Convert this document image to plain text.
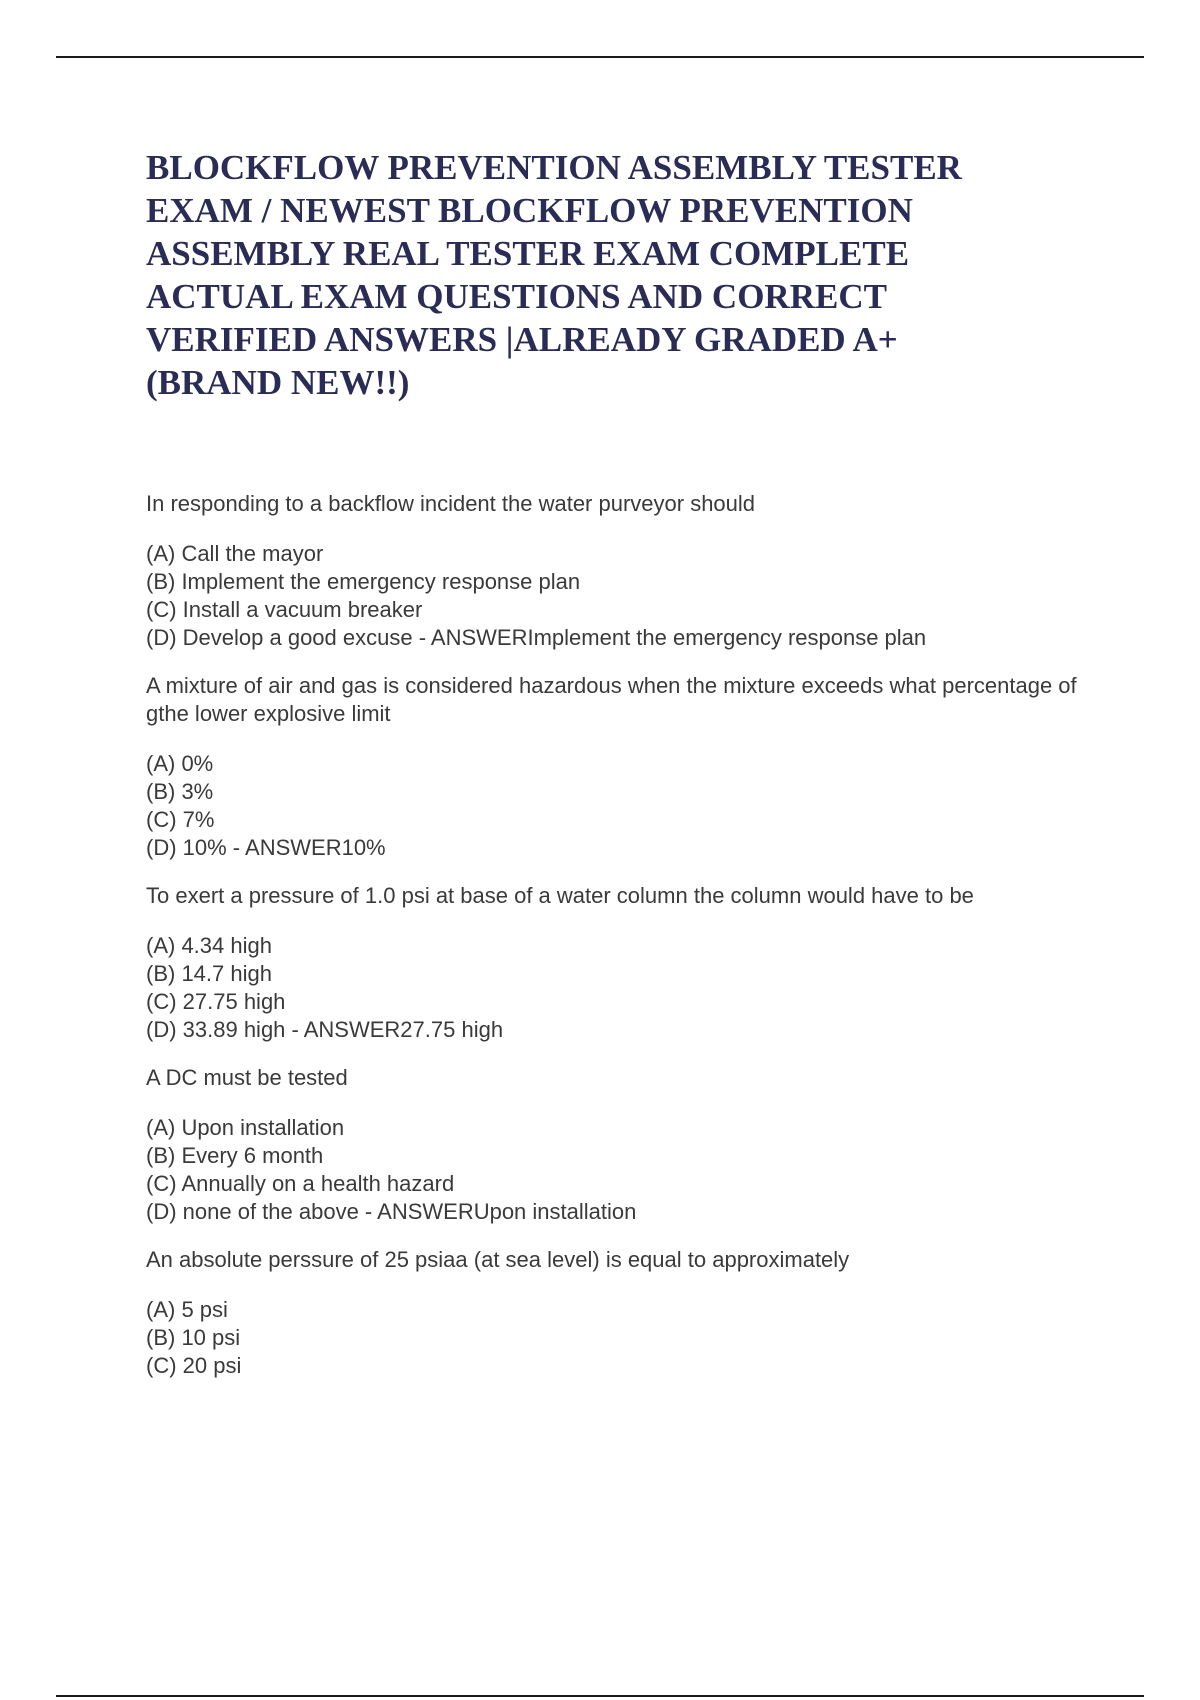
BLOCKFLOW PREVENTION ASSEMBLY TESTER EXAM / NEWEST BLOCKFLOW PREVENTION ASSEMBLY REAL TESTER EXAM COMPLETE ACTUAL EXAM QUESTIONS AND CORRECT VERIFIED ANSWERS |ALREADY GRADED A+ (BRAND NEW!!)

In responding to a backflow incident the water purveyor should

(A) Call the mayor

(B) Implement the emergency response plan

(C) Install a vacuum breaker

(D) Develop a good excuse - ANSWERImplement the emergency response plan

A mixture of air and gas is considered hazardous when the mixture exceeds what percentage of gthe lower explosive limit

(A) 0%

(B) 3%

(C) 7%

(D) 10% - ANSWER10%

To exert a pressure of 1.0 psi at base of a water column the column would have to be

(A) 4.34 high

(B) 14.7 high

(C) 27.75 high

(D) 33.89 high - ANSWER27.75 high

A DC must be tested

(A) Upon installation

(B) Every 6 month

(C) Annually on a health hazard

(D) none of the above - ANSWERUpon installation

An absolute perssure of 25 psiaa (at sea level) is equal to approximately

(A) 5 psi

(B) 10 psi

(C) 20 psi
